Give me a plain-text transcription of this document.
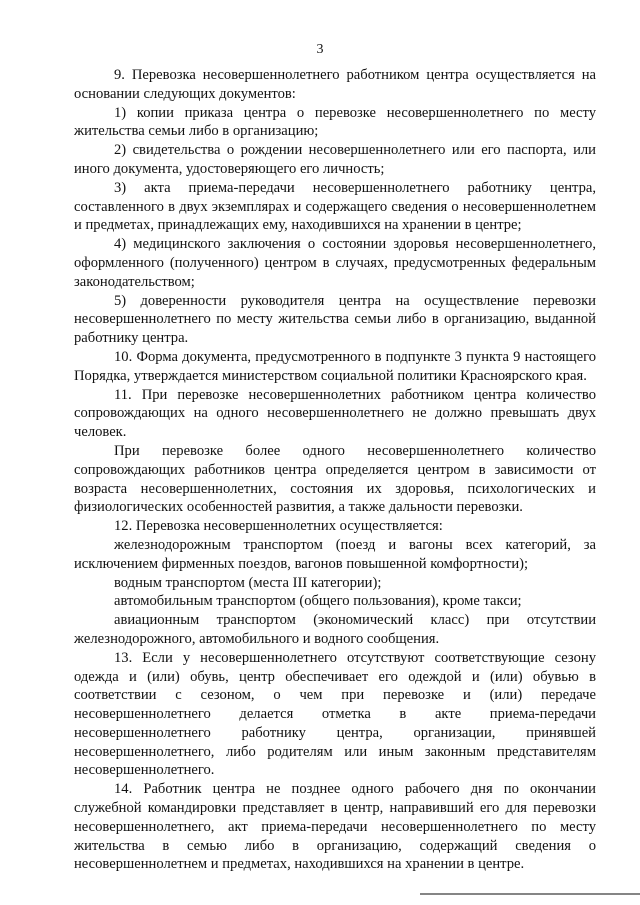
3

9. Перевозка несовершеннолетнего работником центра осуществляется на основании следующих документов:

1) копии приказа центра о перевозке несовершеннолетнего по месту жительства семьи либо в организацию;

2) свидетельства о рождении несовершеннолетнего или его паспорта, или иного документа, удостоверяющего его личность;

3) акта приема-передачи несовершеннолетнего работнику центра, составленного в двух экземплярах и содержащего сведения о несовершеннолетнем и предметах, принадлежащих ему, находившихся на хранении в центре;

4) медицинского заключения о состоянии здоровья несовершеннолетнего, оформленного (полученного) центром в случаях, предусмотренных федеральным законодательством;

5) доверенности руководителя центра на осуществление перевозки несовершеннолетнего по месту жительства семьи либо в организацию, выданной работнику центра.

10. Форма документа, предусмотренного в подпункте 3 пункта 9 настоящего Порядка, утверждается министерством социальной политики Красноярского края.

11. При перевозке несовершеннолетних работником центра количество сопровождающих на одного несовершеннолетнего не должно превышать двух человек.

При перевозке более одного несовершеннолетнего количество сопровождающих работников центра определяется центром в зависимости от возраста несовершеннолетних, состояния их здоровья, психологических и физиологических особенностей развития, а также дальности перевозки.

12. Перевозка несовершеннолетних осуществляется:

железнодорожным транспортом (поезд и вагоны всех категорий, за исключением фирменных поездов, вагонов повышенной комфортности);

водным транспортом (места III категории);

автомобильным транспортом (общего пользования), кроме такси;

авиационным транспортом (экономический класс) при отсутствии железнодорожного, автомобильного и водного сообщения.

13. Если у несовершеннолетнего отсутствуют соответствующие сезону одежда и (или) обувь, центр обеспечивает его одеждой и (или) обувью в соответствии с сезоном, о чем при перевозке и (или) передаче несовершеннолетнего делается отметка в акте приема-передачи несовершеннолетнего работнику центра, организации, принявшей несовершеннолетнего, либо родителям или иным законным представителям несовершеннолетнего.

14. Работник центра не позднее одного рабочего дня по окончании служебной командировки представляет в центр, направивший его для перевозки несовершеннолетнего, акт приема-передачи несовершеннолетнего по месту жительства в семью либо в организацию, содержащий сведения о несовершеннолетнем и предметах, находившихся на хранении в центре.
